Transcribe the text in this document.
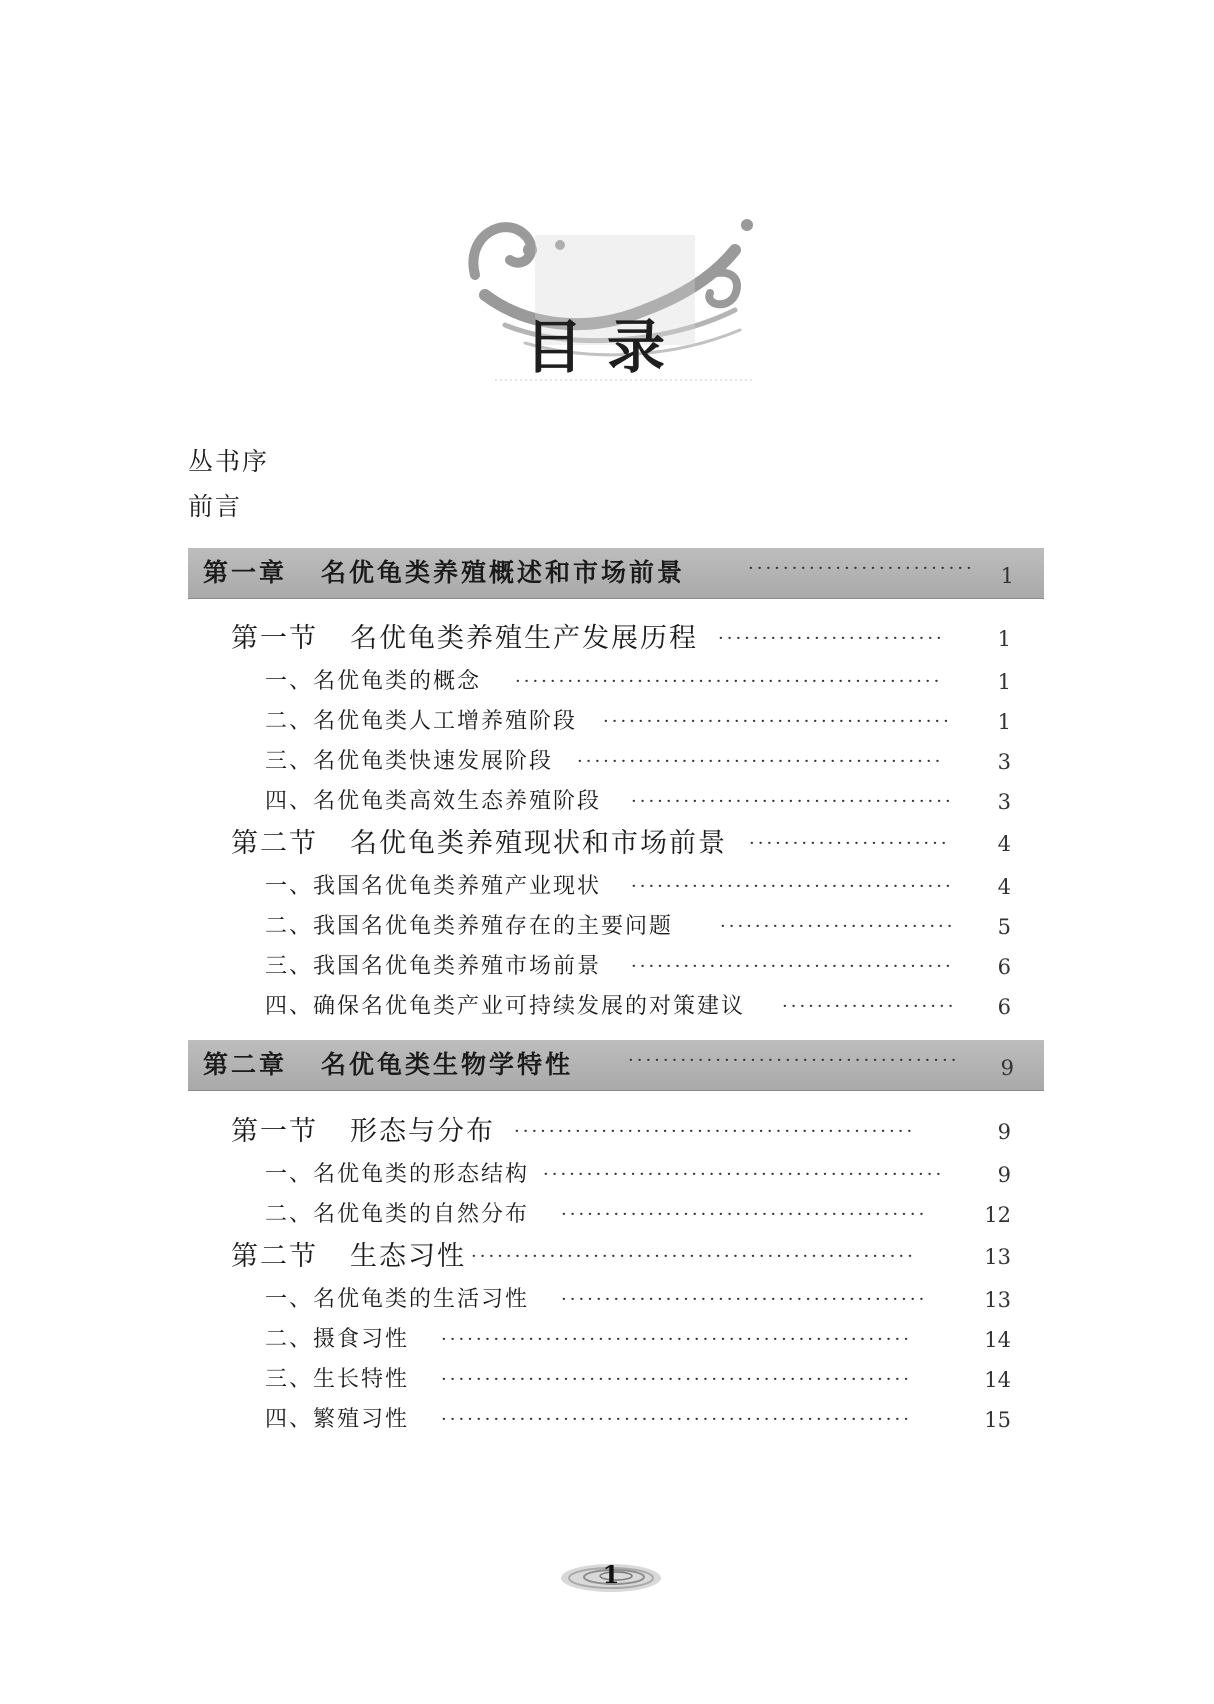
目录
丛书序
前言
第一章 名优龟类养殖概述和市场前景	··························	1
第一节 名优龟类养殖生产发展历程 ··························	1
一、名优龟类的概念 ·················································	1
二、名优龟类人工增养殖阶段 ········································	1
三、名优龟类快速发展阶段 ··········································	3
四、名优龟类高效生态养殖阶段 ·····································	3
第二节 名优龟类养殖现状和市场前景 ·······················	4
一、我国名优龟类养殖产业现状 ·····································	4
二、我国名优龟类养殖存在的主要问题	···························	5
三、我国名优龟类养殖市场前景 ·····································	6
四、确保名优龟类产业可持续发展的对策建议 ····················	6
第二章 名优龟类生物学特性	······································	9
第一节 形态与分布 ··············································	9
一、名优龟类的形态结构 ··············································	9
二、名优龟类的自然分布 ··········································	12
第二节 生态习性 ···················································	13
一、名优龟类的生活习性 ··········································	13
二、摄食习性 ······················································	14
三、生长特性 ······················································	14
四、繁殖习性 ······················································	15
1
